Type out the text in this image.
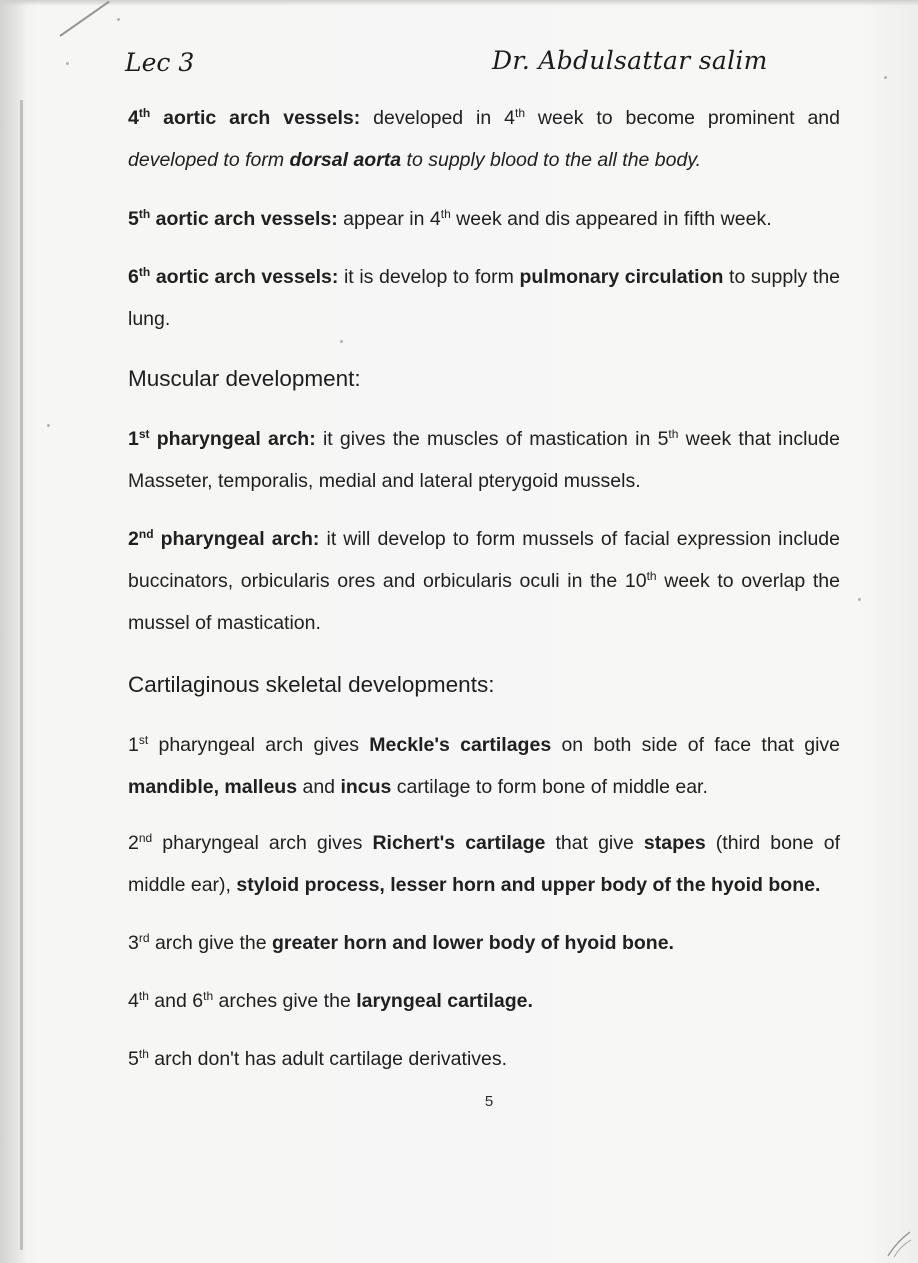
Lec 3	Dr. Abdulsattar salim
4th aortic arch vessels: developed in 4th week to become prominent and developed to form dorsal aorta to supply blood to the all the body.
5th aortic arch vessels: appear in 4th week and dis appeared in fifth week.
6th aortic arch vessels: it is develop to form pulmonary circulation to supply the lung.
Muscular development:
1st pharyngeal arch: it gives the muscles of mastication in 5th week that include Masseter, temporalis, medial and lateral pterygoid mussels.
2nd pharyngeal arch: it will develop to form mussels of facial expression include buccinators, orbicularis ores and orbicularis oculi in the 10th week to overlap the mussel of mastication.
Cartilaginous skeletal developments:
1st pharyngeal arch gives Meckle's cartilages on both side of face that give mandible, malleus and incus cartilage to form bone of middle ear.
2nd pharyngeal arch gives Richert's cartilage that give stapes (third bone of middle ear), styloid process, lesser horn and upper body of the hyoid bone.
3rd arch give the greater horn and lower body of hyoid bone.
4th and 6th arches give the laryngeal cartilage.
5th arch don't has adult cartilage derivatives.
5
